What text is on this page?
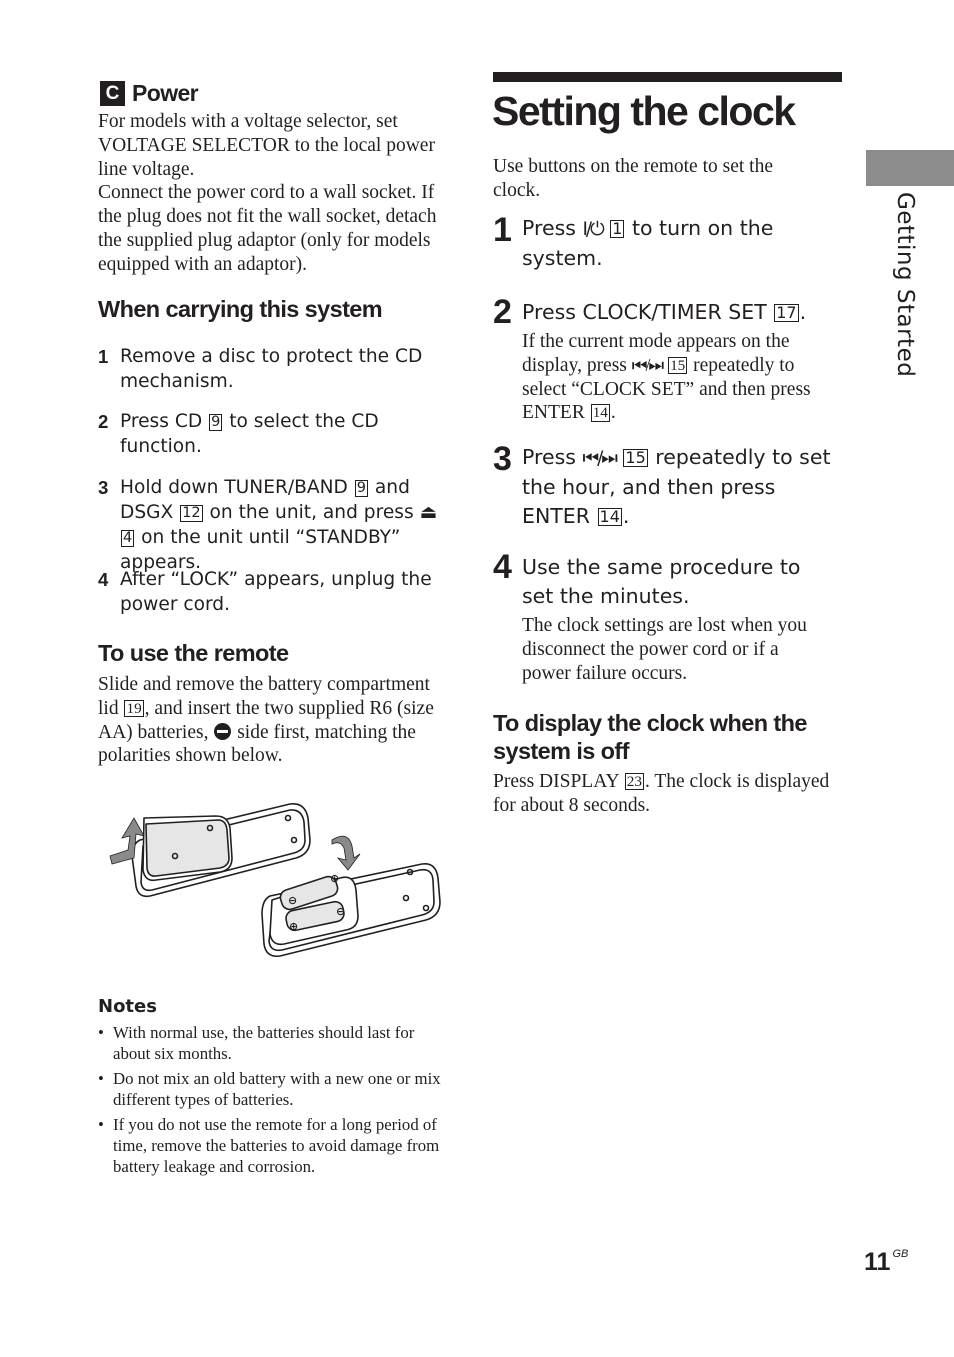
C Power
For models with a voltage selector, set VOLTAGE SELECTOR to the local power line voltage.
Connect the power cord to a wall socket. If the plug does not fit the wall socket, detach the supplied plug adaptor (only for models equipped with an adaptor).
When carrying this system
1 Remove a disc to protect the CD mechanism.
2 Press CD 9 to select the CD function.
3 Hold down TUNER/BAND 9 and DSGX 12 on the unit, and press ⏏4 on the unit until “STANDBY” appears.
4 After “LOCK” appears, unplug the power cord.
To use the remote
Slide and remove the battery compartment lid 19 , and insert the two supplied R6 (size AA) batteries,
side first, matching the polarities shown below.
⊕
⊖
⊖
⊕
Notes
• With normal use, the batteries should last for about six months.
• Do not mix an old battery with a new one or mix different types of batteries.
• If you do not use the remote for a long period of time, remove the batteries to avoid damage from battery leakage and corrosion.
Setting the clock
Use buttons on the remote to set the clock.
1 Press I/⏻ 1 to turn on the system.
2 Press CLOCK/TIMER SET 17 .
If the current mode appears on the display, press ⏮/⏭ 15 repeatedly to select “CLOCK SET” and then press ENTER 14 .
3 Press ⏮/⏭ 15 repeatedly to set the hour, and then press ENTER 14 .
4 Use the same procedure to set the minutes.
The clock settings are lost when you disconnect the power cord or if a power failure occurs.
To display the clock when the system is off
Press DISPLAY 23 . The clock is displayed for about 8 seconds.
Getting Started
11 $^{GB}$
